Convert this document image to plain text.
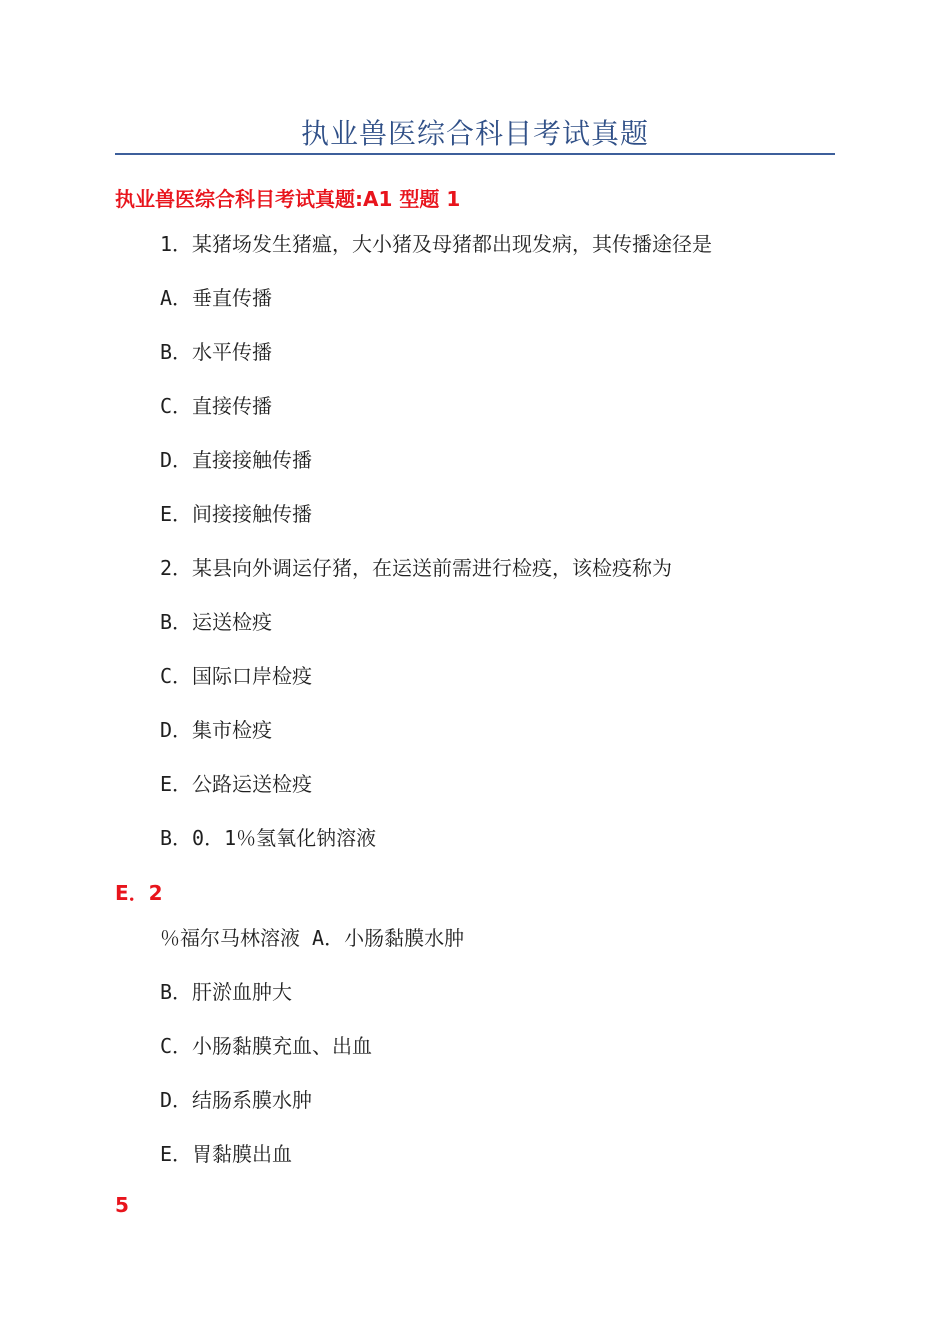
执业兽医综合科目考试真题
执业兽医综合科目考试真题:A1 型题 1
1．某猪场发生猪瘟，大小猪及母猪都出现发病，其传播途径是
A．垂直传播
B．水平传播
C．直接传播
D．直接接触传播
E．间接接触传播
2．某县向外调运仔猪，在运送前需进行检疫，该检疫称为
B．运送检疫
C．国际口岸检疫
D．集市检疫
E．公路运送检疫
B．0．1％氢氧化钠溶液
E．2
％福尔马林溶液 A．小肠黏膜水肿
B．肝淤血肿大
C．小肠黏膜充血、出血
D．结肠系膜水肿
E．胃黏膜出血
5
